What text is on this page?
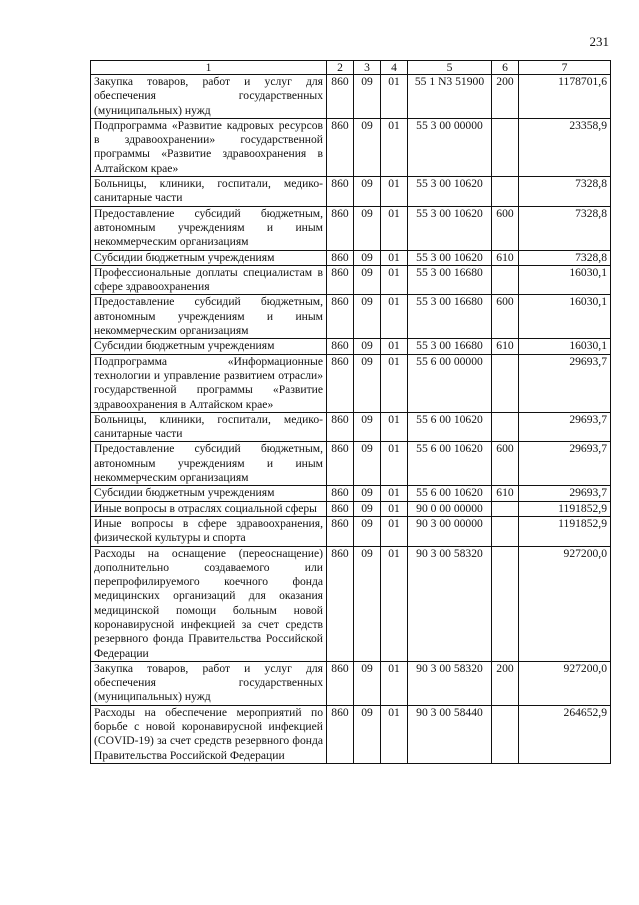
231
1	2	3	4	5	6	7
Закупка товаров, работ и услуг для обеспечения государственных (муниципальных) нужд	860	09	01	55 1 N3 51900	200	1178701,6
Подпрограмма «Развитие кадровых ресурсов в здравоохранении» государственной программы «Развитие здравоохранения в Алтайском крае»	860	09	01	55 3 00 00000		23358,9
Больницы, клиники, госпитали, медико-санитарные части	860	09	01	55 3 00 10620		7328,8
Предоставление субсидий бюджетным, автономным учреждениям и иным некоммерческим организациям	860	09	01	55 3 00 10620	600	7328,8
Субсидии бюджетным учреждениям	860	09	01	55 3 00 10620	610	7328,8
Профессиональные доплаты специалистам в сфере здравоохранения	860	09	01	55 3 00 16680		16030,1
Предоставление субсидий бюджетным, автономным учреждениям и иным некоммерческим организациям	860	09	01	55 3 00 16680	600	16030,1
Субсидии бюджетным учреждениям	860	09	01	55 3 00 16680	610	16030,1
Подпрограмма «Информационные технологии и управление развитием отрасли» государственной программы «Развитие здравоохранения в Алтайском крае»	860	09	01	55 6 00 00000		29693,7
Больницы, клиники, госпитали, медико-санитарные части	860	09	01	55 6 00 10620		29693,7
Предоставление субсидий бюджетным, автономным учреждениям и иным некоммерческим организациям	860	09	01	55 6 00 10620	600	29693,7
Субсидии бюджетным учреждениям	860	09	01	55 6 00 10620	610	29693,7
Иные вопросы в отраслях социальной сферы	860	09	01	90 0 00 00000		1191852,9
Иные вопросы в сфере здравоохранения, физической культуры и спорта	860	09	01	90 3 00 00000		1191852,9
Расходы на оснащение (переоснащение) дополнительно создаваемого или перепрофилируемого коечного фонда медицинских организаций для оказания медицинской помощи больным новой коронавирусной инфекцией за счет средств резервного фонда Правительства Российской Федерации	860	09	01	90 3 00 58320		927200,0
Закупка товаров, работ и услуг для обеспечения государственных (муниципальных) нужд	860	09	01	90 3 00 58320	200	927200,0
Расходы на обеспечение мероприятий по борьбе с новой коронавирусной инфекцией (COVID-19) за счет средств резервного фонда Правительства Российской Федерации	860	09	01	90 3 00 58440		264652,9
